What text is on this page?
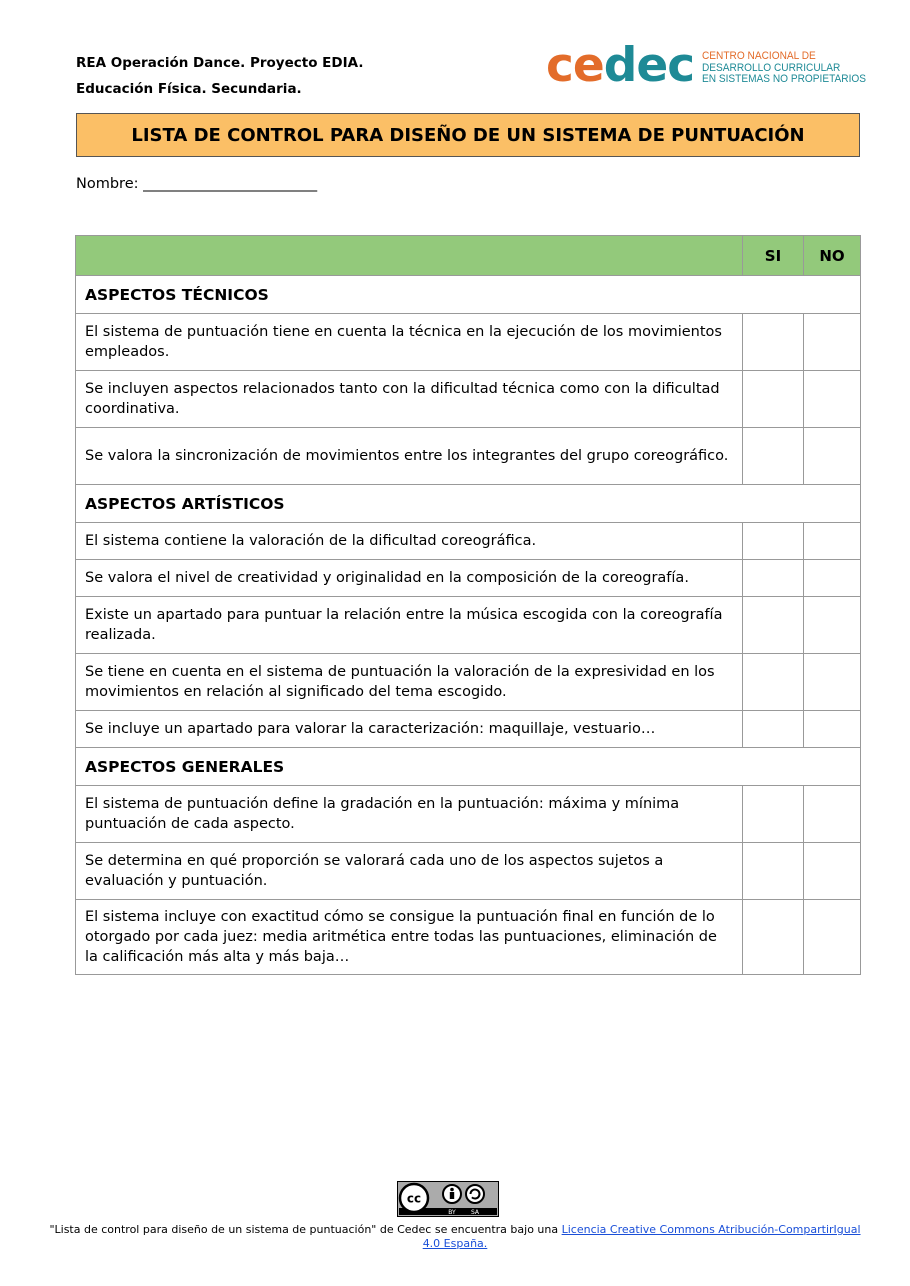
REA Operación Dance. Proyecto EDIA.
Educación Física. Secundaria.	cedec CENTRO NACIONAL DE
DESARROLLO CURRICULAR
EN SISTEMAS NO PROPIETARIOS
LISTA DE CONTROL PARA DISEÑO DE UN SISTEMA DE PUNTUACIÓN
Nombre: ________________________
	SI	NO
ASPECTOS TÉCNICOS		
El sistema de puntuación tiene en cuenta la técnica en la ejecución de los movimientos empleados.		
Se incluyen aspectos relacionados tanto con la dificultad técnica como con la dificultad coordinativa.		
Se valora la sincronización de movimientos entre los integrantes del grupo coreográfico.		
ASPECTOS ARTÍSTICOS		
El sistema contiene la valoración de la dificultad coreográfica.		
Se valora el nivel de creatividad y originalidad en la composición de la coreografía.		
Existe un apartado para puntuar la relación entre la música escogida con la coreografía realizada.		
Se tiene en cuenta en el sistema de puntuación la valoración de la expresividad en los movimientos en relación al significado del tema escogido.		
Se incluye un apartado para valorar la caracterización: maquillaje, vestuario…		
ASPECTOS GENERALES		
El sistema de puntuación define la gradación en la puntuación: máxima y mínima puntuación de cada aspecto.		
Se determina en qué proporción se valorará cada uno de los aspectos sujetos a evaluación y puntuación.		
El sistema incluye con exactitud cómo se consigue la puntuación final en función de lo otorgado por cada juez: media aritmética entre todas las puntuaciones, eliminación de la calificación más alta y más baja…		
cc
BY	SA
"Lista de control para diseño de un sistema de puntuación" de Cedec se encuentra bajo una Licencia Creative Commons Atribución-CompartirIgual 4.0 España.
